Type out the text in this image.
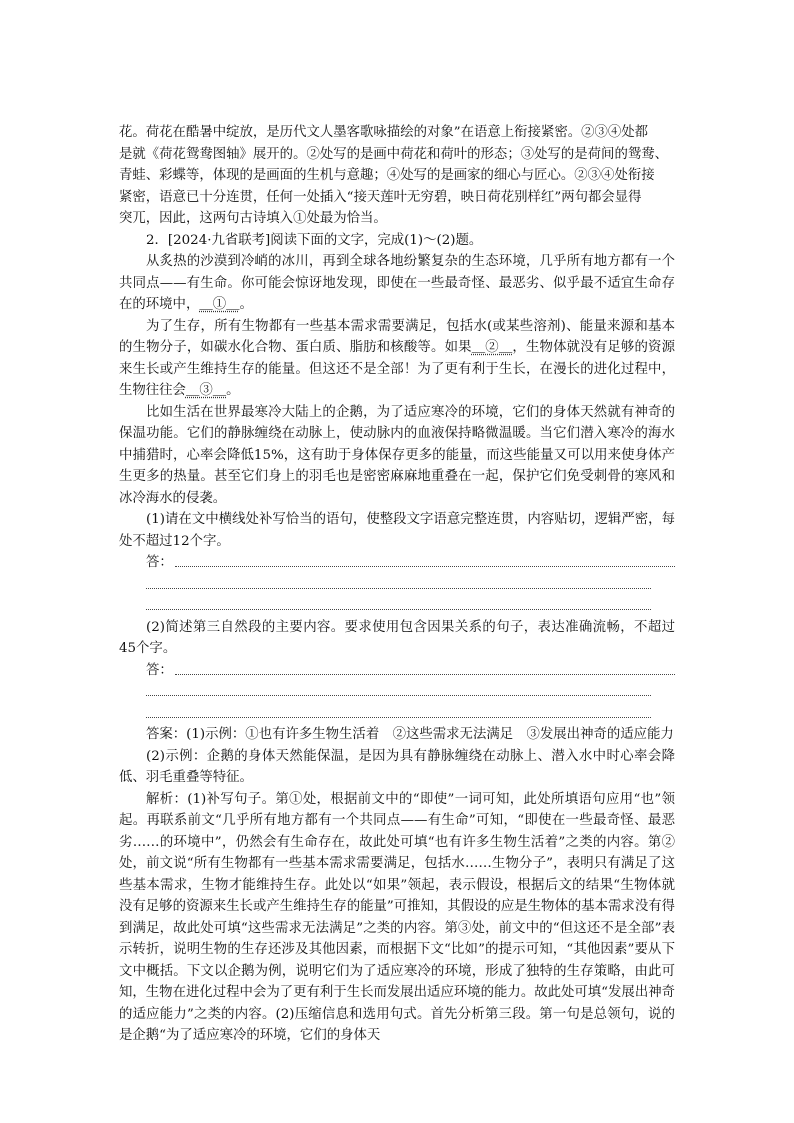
花。荷花在酷暑中绽放，是历代文人墨客歌咏描绘的对象”在语意上衔接紧密。②③④处都

是就《荷花鸳鸯图轴》展开的。②处写的是画中荷花和荷叶的形态；③处写的是荷间的鸳鸯、

青蛙、彩蝶等，体现的是画面的生机与意趣；④处写的是画家的细心与匠心。②③④处衔接

紧密，语意已十分连贯，任何一处插入“接天莲叶无穷碧，映日荷花别样红”两句都会显得

突兀，因此，这两句古诗填入①处最为恰当。

2．[2024·九省联考]阅读下面的文字，完成(1)～(2)题。

从炙热的沙漠到冷峭的冰川，再到全球各地纷繁复杂的生态环境，几乎所有地方都有一个共同点——有生命。你可能会惊讶地发现，即使在一些最奇怪、最恶劣、似乎最不适宜生命存在的环境中，＿①＿。

为了生存，所有生物都有一些基本需求需要满足，包括水(或某些溶剂)、能量来源和基本的生物分子，如碳水化合物、蛋白质、脂肪和核酸等。如果＿②＿，生物体就没有足够的资源来生长或产生维持生存的能量。但这还不是全部！为了更有利于生长，在漫长的进化过程中，生物往往会＿③＿。

比如生活在世界最寒冷大陆上的企鹅，为了适应寒冷的环境，它们的身体天然就有神奇的保温功能。它们的静脉缠绕在动脉上，使动脉内的血液保持略微温暖。当它们潜入寒冷的海水中捕猎时，心率会降低15%，这有助于身体保存更多的能量，而这些能量又可以用来使身体产生更多的热量。甚至它们身上的羽毛也是密密麻麻地重叠在一起，保护它们免受刺骨的寒风和冰冷海水的侵袭。

(1)请在文中横线处补写恰当的语句，使整段文字语意完整连贯，内容贴切，逻辑严密，每处不超过12个字。

答：

(2)简述第三自然段的主要内容。要求使用包含因果关系的句子，表达准确流畅，不超过45个字。

答：

答案：(1)示例：①也有许多生物生活着　②这些需求无法满足　③发展出神奇的适应能力

(2)示例：企鹅的身体天然能保温，是因为具有静脉缠绕在动脉上、潜入水中时心率会降低、羽毛重叠等特征。

解析：(1)补写句子。第①处，根据前文中的“即使”一词可知，此处所填语句应用“也”领起。再联系前文“几乎所有地方都有一个共同点——有生命”可知，“即使在一些最奇怪、最恶劣……的环境中”，仍然会有生命存在，故此处可填“也有许多生物生活着”之类的内容。第②处，前文说“所有生物都有一些基本需求需要满足，包括水……生物分子”，表明只有满足了这些基本需求，生物才能维持生存。此处以“如果”领起，表示假设，根据后文的结果“生物体就没有足够的资源来生长或产生维持生存的能量”可推知，其假设的应是生物体的基本需求没有得到满足，故此处可填“这些需求无法满足”之类的内容。第③处，前文中的“但这还不是全部”表示转折，说明生物的生存还涉及其他因素，而根据下文“比如”的提示可知，“其他因素”要从下文中概括。下文以企鹅为例，说明它们为了适应寒冷的环境，形成了独特的生存策略，由此可知，生物在进化过程中会为了更有利于生长而发展出适应环境的能力。故此处可填“发展出神奇的适应能力”之类的内容。(2)压缩信息和选用句式。首先分析第三段。第一句是总领句，说的是企鹅“为了适应寒冷的环境，它们的身体天
